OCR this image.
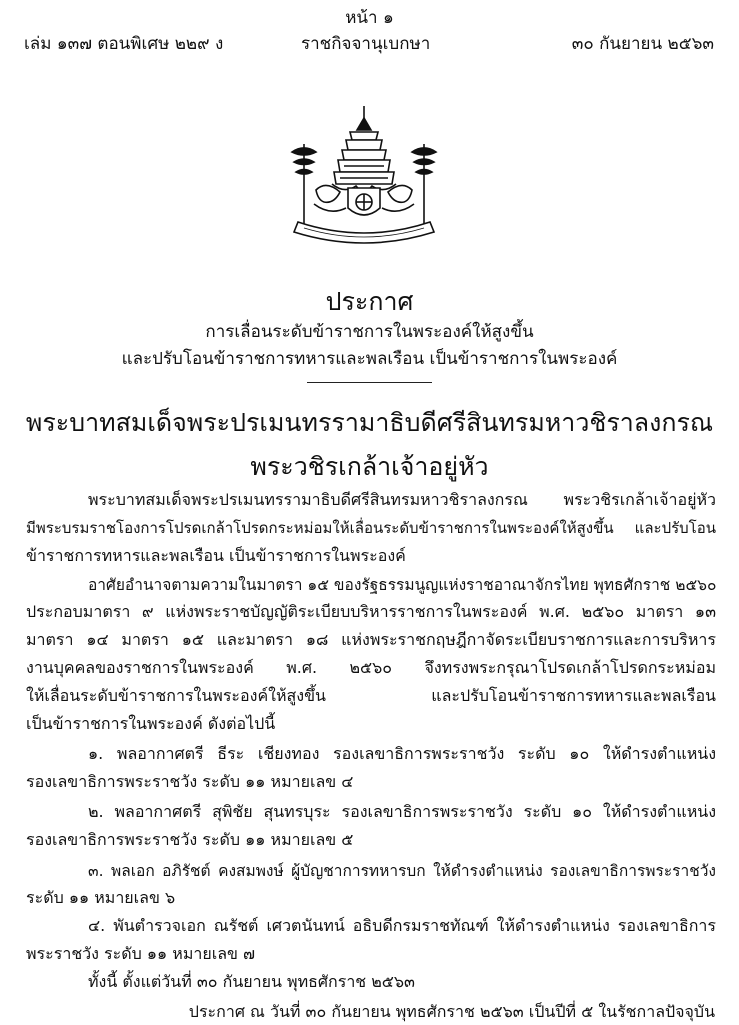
หน้า ๑
เล่ม ๑๓๗ ตอนพิเศษ ๒๒๙ ง	ราชกิจจานุเบกษา	๓๐ กันยายน ๒๕๖๓
ประกาศ
การเลื่อนระดับข้าราชการในพระองค์ให้สูงขึ้น
และปรับโอนข้าราชการทหารและพลเรือน เป็นข้าราชการในพระองค์
พระบาทสมเด็จพระปรเมนทรรามาธิบดีศรีสินทรมหาวชิราลงกรณ
พระวชิรเกล้าเจ้าอยู่หัว
พระบาทสมเด็จพระปรเมนทรรามาธิบดีศรีสินทรมหาวชิราลงกรณ พระวชิรเกล้าเจ้าอยู่หัว
มีพระบรมราชโองการโปรดเกล้าโปรดกระหม่อมให้เลื่อนระดับข้าราชการในพระองค์ให้สูงขึ้น และปรับโอน
ข้าราชการทหารและพลเรือน เป็นข้าราชการในพระองค์
อาศัยอำนาจตามความในมาตรา ๑๕ ของรัฐธรรมนูญแห่งราชอาณาจักรไทย พุทธศักราช ๒๕๖๐
ประกอบมาตรา ๙ แห่งพระราชบัญญัติระเบียบบริหารราชการในพระองค์ พ.ศ. ๒๕๖๐ มาตรา ๑๓
มาตรา ๑๔ มาตรา ๑๕ และมาตรา ๑๘ แห่งพระราชกฤษฎีกาจัดระเบียบราชการและการบริหาร
งานบุคคลของราชการในพระองค์ พ.ศ. ๒๕๖๐ จึงทรงพระกรุณาโปรดเกล้าโปรดกระหม่อม
ให้เลื่อนระดับข้าราชการในพระองค์ให้สูงขึ้น และปรับโอนข้าราชการทหารและพลเรือน
เป็นข้าราชการในพระองค์ ดังต่อไปนี้
๑. พลอากาศตรี ธีระ เชียงทอง รองเลขาธิการพระราชวัง ระดับ ๑๐ ให้ดำรงตำแหน่ง
รองเลขาธิการพระราชวัง ระดับ ๑๑ หมายเลข ๔
๒. พลอากาศตรี สุพิชัย สุนทรบุระ รองเลขาธิการพระราชวัง ระดับ ๑๐ ให้ดำรงตำแหน่ง
รองเลขาธิการพระราชวัง ระดับ ๑๑ หมายเลข ๕
๓. พลเอก อภิรัชต์ คงสมพงษ์ ผู้บัญชาการทหารบก ให้ดำรงตำแหน่ง รองเลขาธิการพระราชวัง
ระดับ ๑๑ หมายเลข ๖
๔. พันตำรวจเอก ณรัชต์ เศวตนันทน์ อธิบดีกรมราชทัณฑ์ ให้ดำรงตำแหน่ง รองเลขาธิการ
พระราชวัง ระดับ ๑๑ หมายเลข ๗
ทั้งนี้ ตั้งแต่วันที่ ๓๐ กันยายน พุทธศักราช ๒๕๖๓
ประกาศ ณ วันที่ ๓๐ กันยายน พุทธศักราช ๒๕๖๓ เป็นปีที่ ๕ ในรัชกาลปัจจุบัน
